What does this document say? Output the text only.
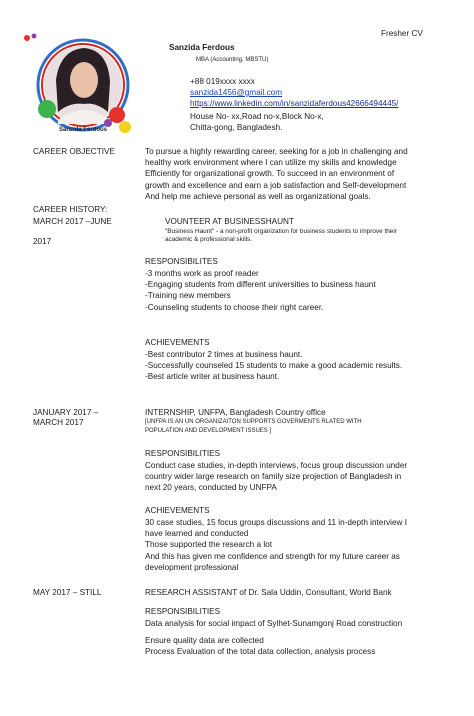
Sanzida Ferdous
Fresher CV
Sanzida Ferdous
MBA (Accounting, MBSTU)
+88 019xxxx xxxx
sanzida1456@gmail.com
https://www.linkedin.com/in/sanzidaferdous42666494445/
House No- xx,Road no-x,Block No-x,
Chitta-gong, Bangladesh.
CAREER OBJECTIVE	To pursue a highly rewarding career, seeking for a job in challenging and
healthy work environment where I can utilize my skills and knowledge
Efficiently for organizational growth. To succeed in an environment of
growth and excellence and earn a job satisfaction and Self-development
And help me achieve personal as well as organizational goals.
CAREER HISTORY:
MARCH 2017 –JUNE
2017
VOUNTEER AT BUSINESSHAUNT
"Business Haunt" - a non-profit organization for business students to improve their
academic & professional skills.
RESPONSIBILITES
-3 months work as proof reader
-Engaging students from different universities to business haunt
-Training new members
-Counseling students to choose their right career.
ACHIEVEMENTS
-Best contributor 2 times at business haunt.
-Successfully counseled 15 students to make a good academic results.
-Best article writer at business haunt.
JANUARY 2017 –
MARCH 2017
INTERNSHIP, UNFPA, Bangladesh Country office
[UNFPA IS AN UN ORGANIZAITON SUPPORTS GOVERMENTS RLATED WITH
POPULATION AND DEVELOPMENT ISSUES ]
RESPONSIBILITIES
Conduct case studies, in-depth interviews, focus group discussion under
country wider large research on family size projection of Bangladesh in
next 20 years, conducted by UNFPA
ACHIEVEMENTS
30 case studies, 15 focus groups discussions and 11 in-depth interview I
have learned and conducted
Those supported the research a lot
And this has given me confidence and strength for my future career as
development professional
MAY 2017 – STILL	RESEARCH ASSISTANT of Dr. Sala Uddin, Consultant, World Bank
RESPONSIBILITIES
Data analysis for social impact of Sylhet-Sunamgonj Road construction
Ensure quality data are collected
Process Evaluation of the total data collection, analysis process
